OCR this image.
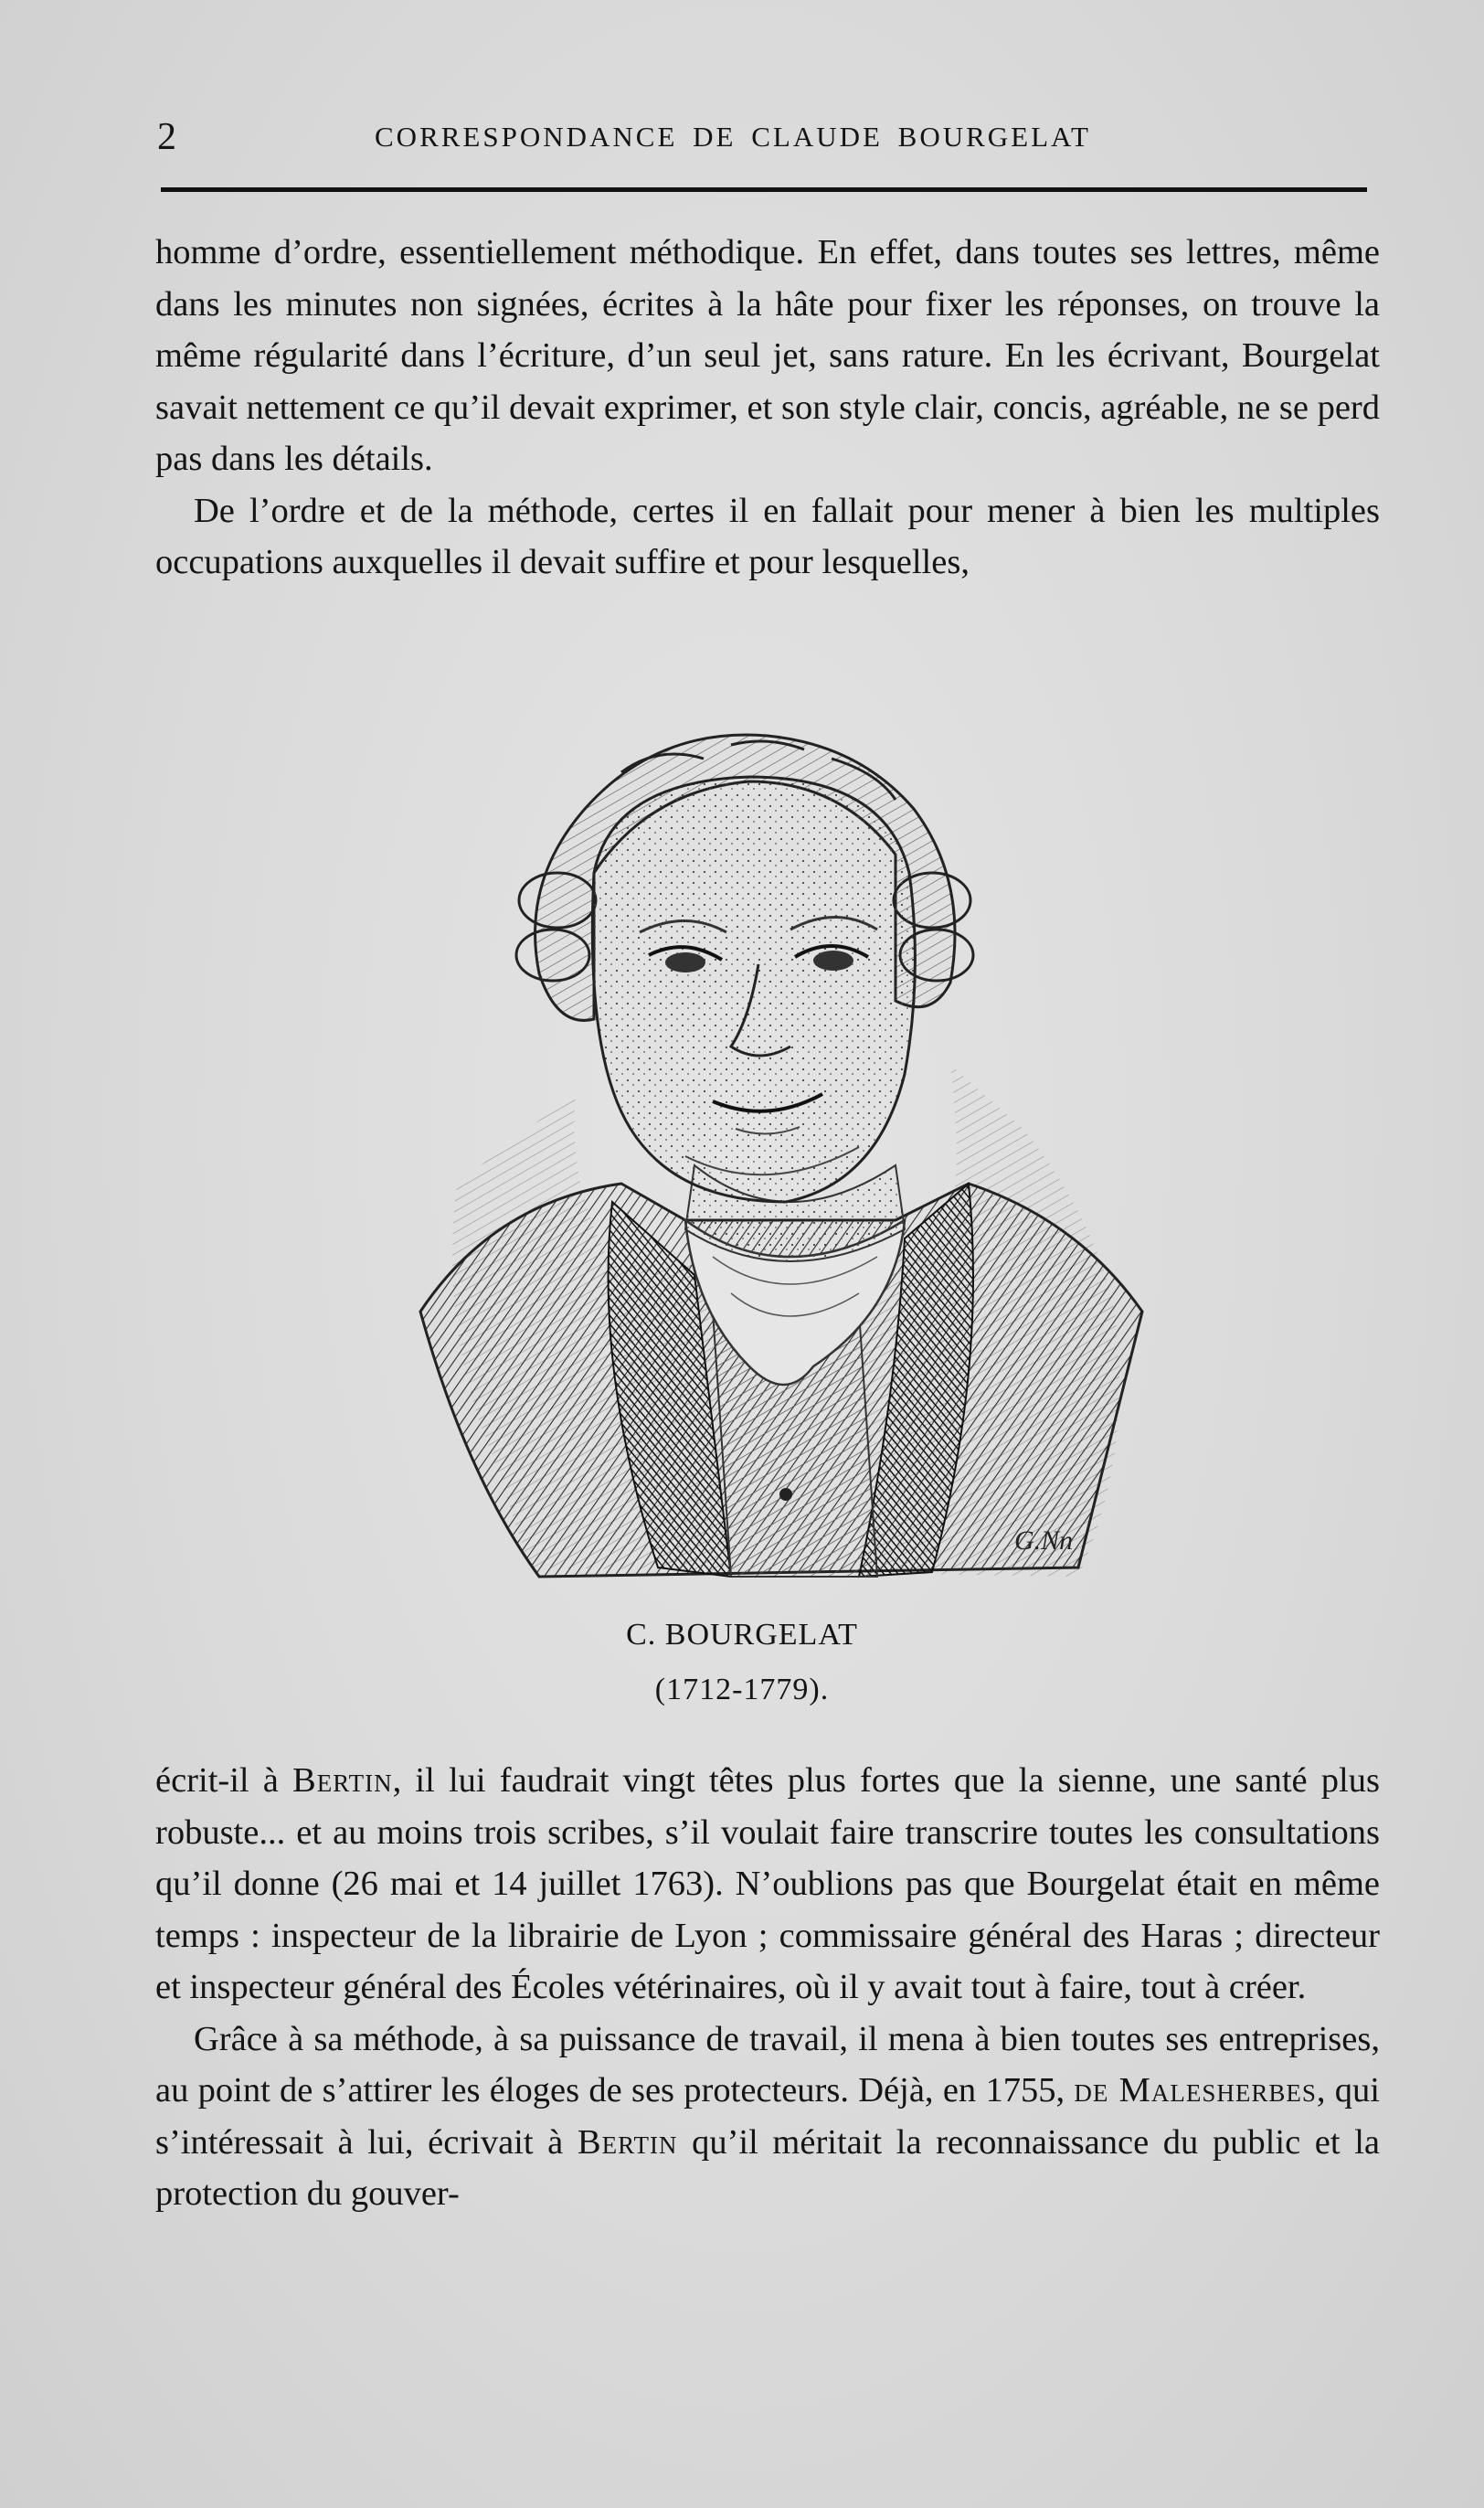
2	CORRESPONDANCE DE CLAUDE BOURGELAT

homme d’ordre, essentiellement méthodique. En effet, dans toutes ses lettres, même dans les minutes non signées, écrites à la hâte pour fixer les réponses, on trouve la même régularité dans l’écriture, d’un seul jet, sans rature. En les écrivant, Bourgelat savait nettement ce qu’il devait exprimer, et son style clair, concis, agréable, ne se perd pas dans les détails.

De l’ordre et de la méthode, certes il en fallait pour mener à bien les multiples occupations auxquelles il devait suffire et pour lesquelles,

G.Nn
C. BOURGELAT
(1712-1779).

écrit-il à Bertin, il lui faudrait vingt têtes plus fortes que la sienne, une santé plus robuste... et au moins trois scribes, s’il voulait faire transcrire toutes les consultations qu’il donne (26 mai et 14 juillet 1763). N’oublions pas que Bourgelat était en même temps : inspecteur de la librairie de Lyon ; commissaire général des Haras ; directeur et inspecteur général des Écoles vétérinaires, où il y avait tout à faire, tout à créer.

Grâce à sa méthode, à sa puissance de travail, il mena à bien toutes ses entreprises, au point de s’attirer les éloges de ses protecteurs. Déjà, en 1755, de Malesherbes, qui s’intéressait à lui, écrivait à Bertin qu’il méritait la reconnaissance du public et la protection du gouver-
